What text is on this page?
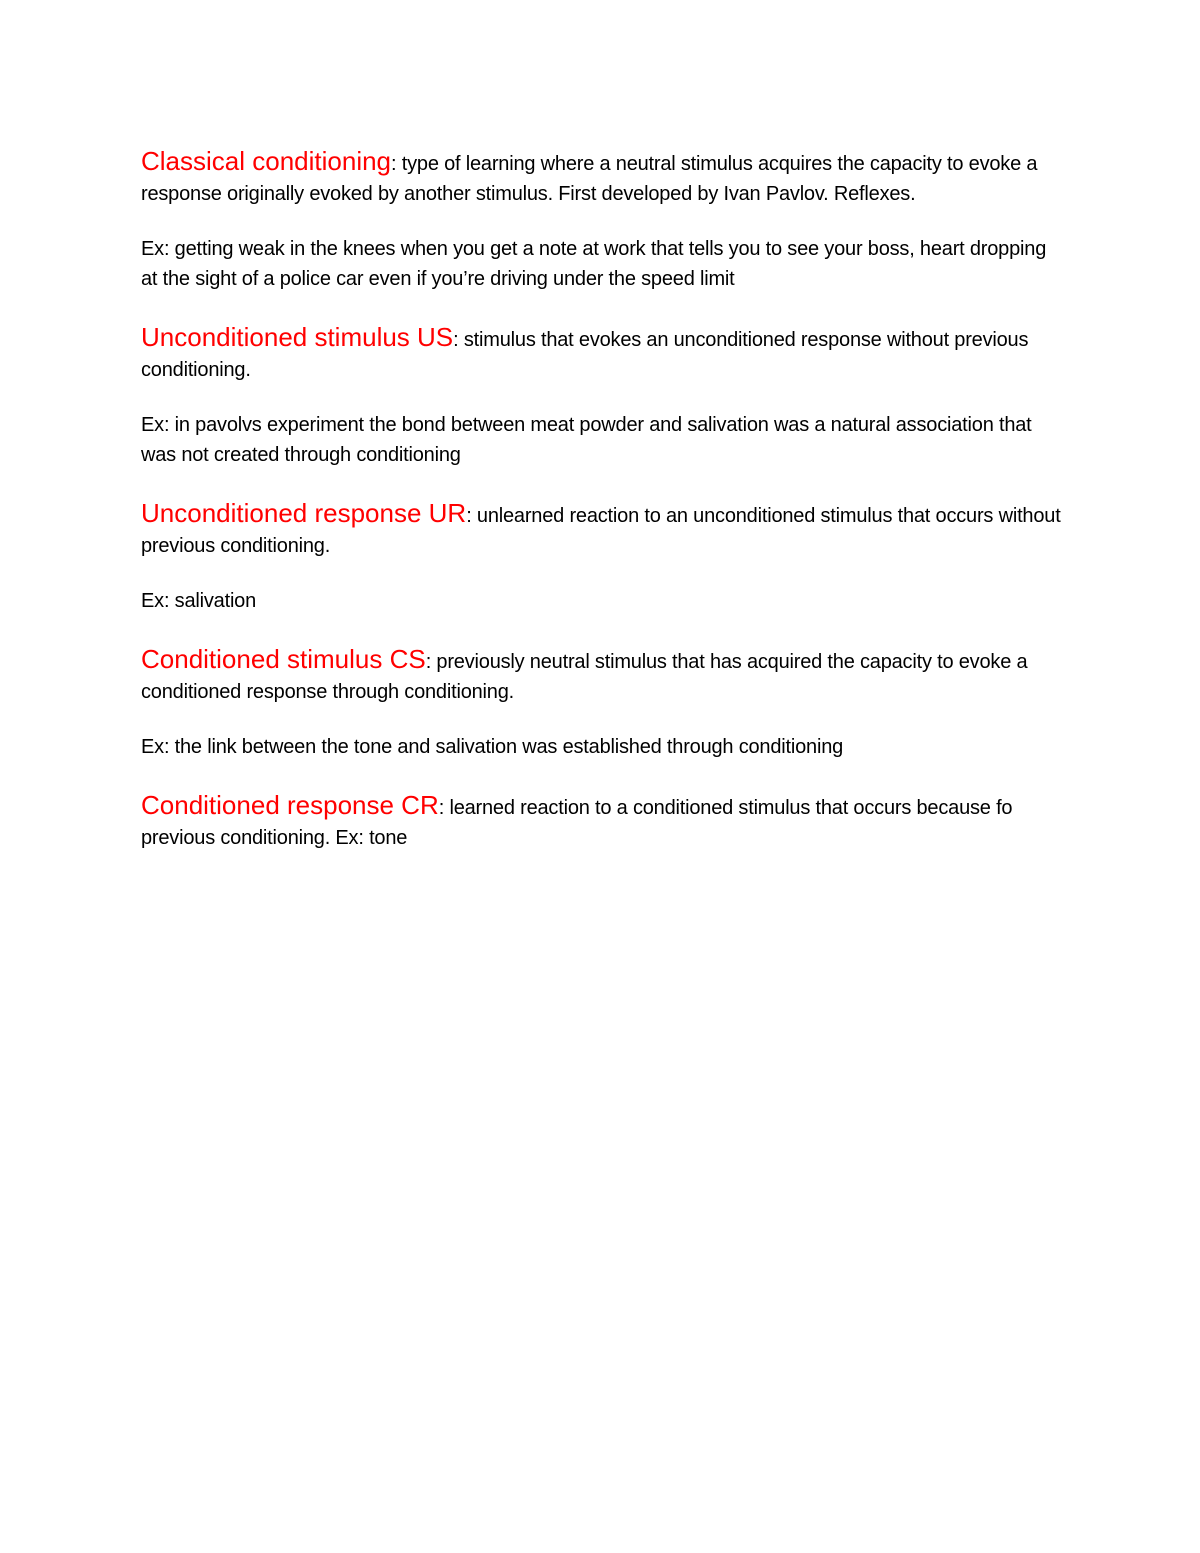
Classical conditioning: type of learning where a neutral stimulus acquires the capacity to evoke a response originally evoked by another stimulus. First developed by Ivan Pavlov. Reflexes.

Ex: getting weak in the knees when you get a note at work that tells you to see your boss, heart dropping at the sight of a police car even if you’re driving under the speed limit

Unconditioned stimulus US: stimulus that evokes an unconditioned response without previous conditioning.

Ex: in pavolvs experiment the bond between meat powder and salivation was a natural association that was not created through conditioning

Unconditioned response UR: unlearned reaction to an unconditioned stimulus that occurs without previous conditioning.

Ex: salivation

Conditioned stimulus CS: previously neutral stimulus that has acquired the capacity to evoke a conditioned response through conditioning.

Ex: the link between the tone and salivation was established through conditioning

Conditioned response CR: learned reaction to a conditioned stimulus that occurs because fo previous conditioning. Ex: tone
